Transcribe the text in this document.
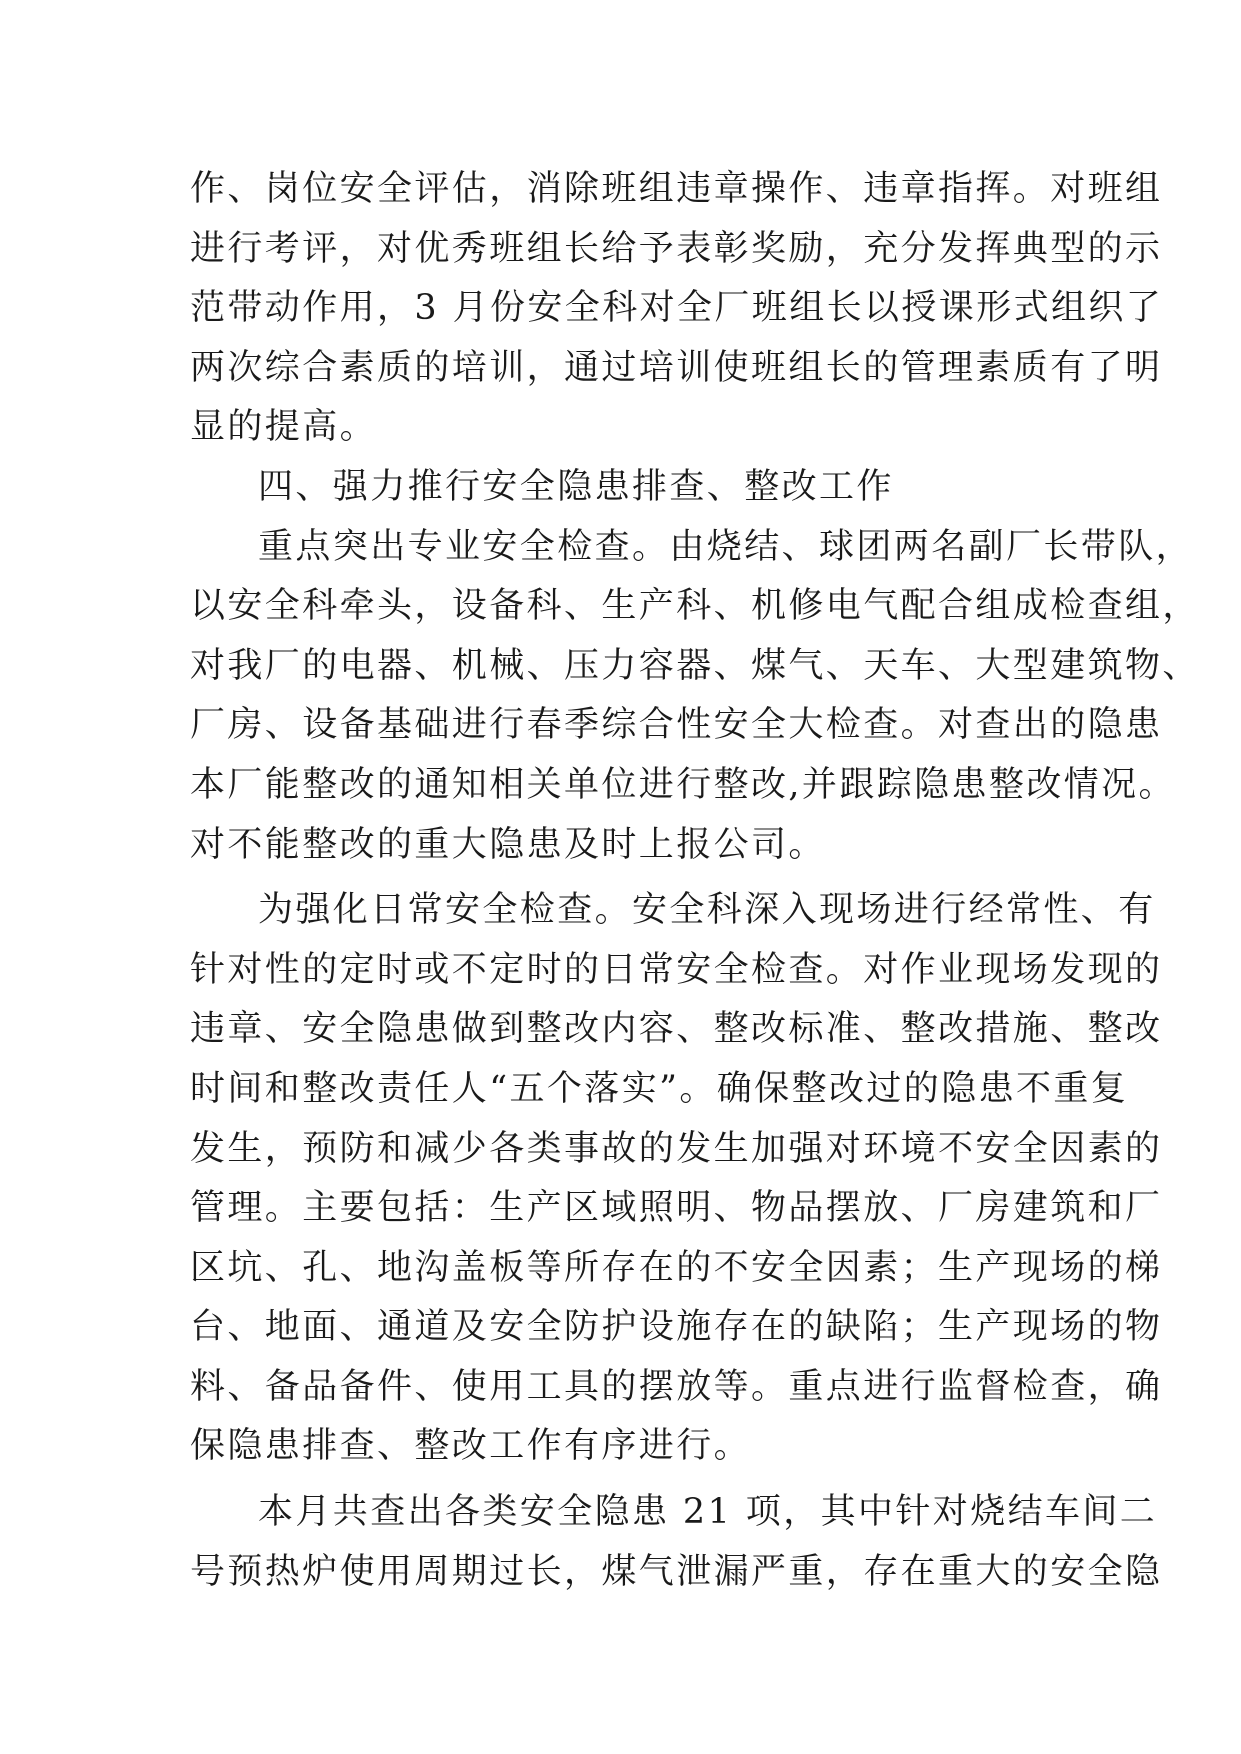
作、岗位安全评估，消除班组违章操作、违章指挥。对班组
进行考评，对优秀班组长给予表彰奖励，充分发挥典型的示
范带动作用，3 月份安全科对全厂班组长以授课形式组织了
两次综合素质的培训，通过培训使班组长的管理素质有了明
显的提高。
四、强力推行安全隐患排查、整改工作
重点突出专业安全检查。由烧结、球团两名副厂长带队，
以安全科牵头，设备科、生产科、机修电气配合组成检查组，
对我厂的电器、机械、压力容器、煤气、天车、大型建筑物、
厂房、设备基础进行春季综合性安全大检查。对查出的隐患
本厂能整改的通知相关单位进行整改,并跟踪隐患整改情况。
对不能整改的重大隐患及时上报公司。
为强化日常安全检查。安全科深入现场进行经常性、有
针对性的定时或不定时的日常安全检查。对作业现场发现的
违章、安全隐患做到整改内容、整改标准、整改措施、整改
时间和整改责任人“五个落实”。确保整改过的隐患不重复
发生，预防和减少各类事故的发生加强对环境不安全因素的
管理。主要包括：生产区域照明、物品摆放、厂房建筑和厂
区坑、孔、地沟盖板等所存在的不安全因素；生产现场的梯
台、地面、通道及安全防护设施存在的缺陷；生产现场的物
料、备品备件、使用工具的摆放等。重点进行监督检查，确
保隐患排查、整改工作有序进行。
本月共查出各类安全隐患 21 项，其中针对烧结车间二
号预热炉使用周期过长，煤气泄漏严重，存在重大的安全隐
